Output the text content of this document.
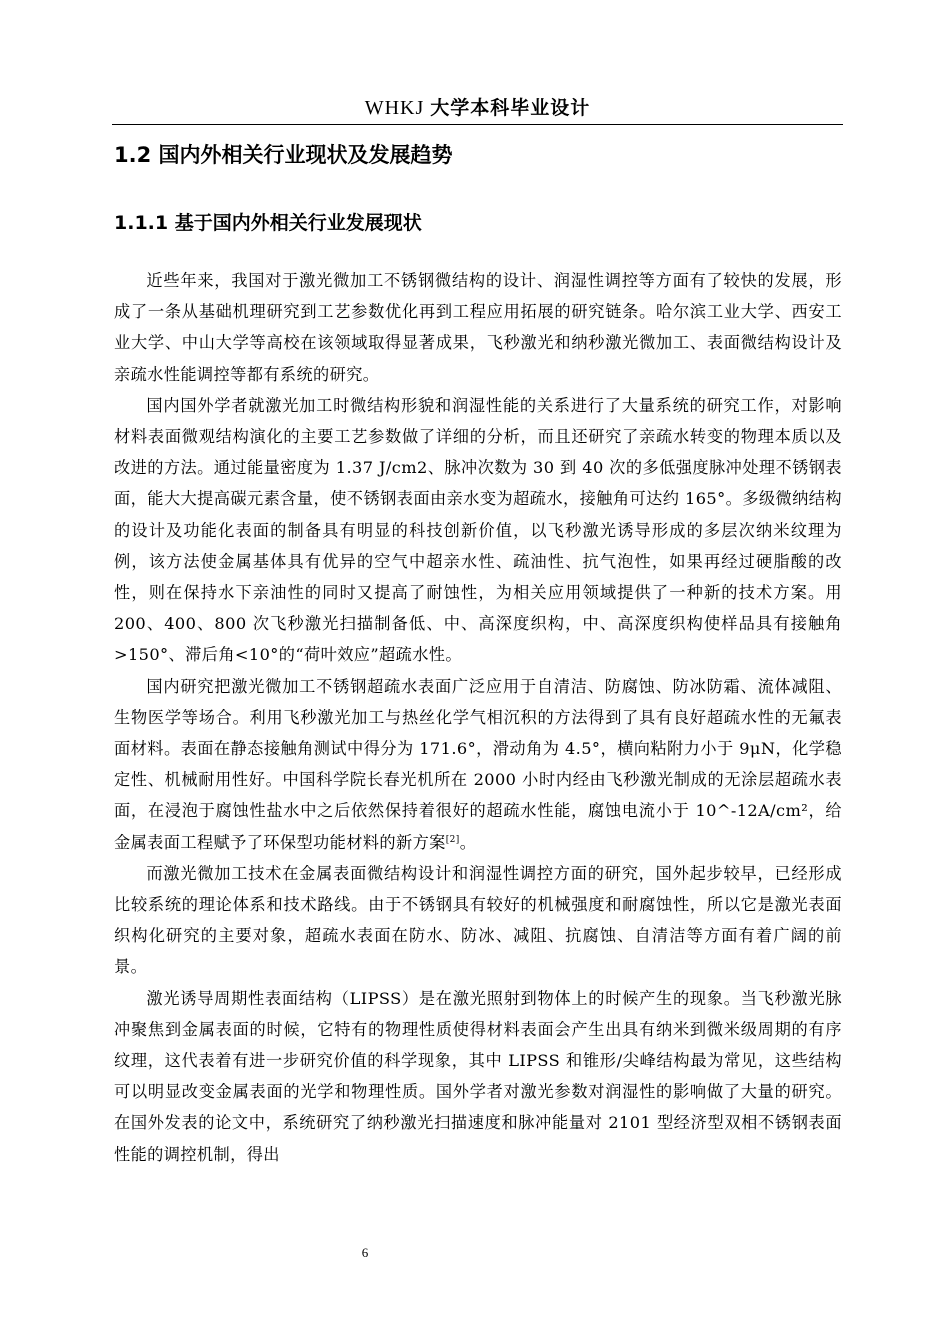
WHKJ 大学本科毕业设计
1.2 国内外相关行业现状及发展趋势
1.1.1 基于国内外相关行业发展现状

近些年来，我国对于激光微加工不锈钢微结构的设计、润湿性调控等方面有了较快的发展，形成了一条从基础机理研究到工艺参数优化再到工程应用拓展的研究链条。哈尔滨工业大学、西安工业大学、中山大学等高校在该领域取得显著成果，飞秒激光和纳秒激光微加工、表面微结构设计及亲疏水性能调控等都有系统的研究。

国内国外学者就激光加工时微结构形貌和润湿性能的关系进行了大量系统的研究工作，对影响材料表面微观结构演化的主要工艺参数做了详细的分析，而且还研究了亲疏水转变的物理本质以及改进的方法。通过能量密度为 1.37 J/cm2、脉冲次数为 30 到 40 次的多低强度脉冲处理不锈钢表面，能大大提高碳元素含量，使不锈钢表面由亲水变为超疏水，接触角可达约 165°。多级微纳结构的设计及功能化表面的制备具有明显的科技创新价值，以飞秒激光诱导形成的多层次纳米纹理为例，该方法使金属基体具有优异的空气中超亲水性、疏油性、抗气泡性，如果再经过硬脂酸的改性，则在保持水下亲油性的同时又提高了耐蚀性，为相关应用领域提供了一种新的技术方案。用 200、400、800 次飞秒激光扫描制备低、中、高深度织构，中、高深度织构使样品具有接触角>150°、滞后角<10°的“荷叶效应”超疏水性。

国内研究把激光微加工不锈钢超疏水表面广泛应用于自清洁、防腐蚀、防冰防霜、流体减阻、生物医学等场合。利用飞秒激光加工与热丝化学气相沉积的方法得到了具有良好超疏水性的无氟表面材料。表面在静态接触角测试中得分为 171.6°，滑动角为 4.5°，横向粘附力小于 9μN，化学稳定性、机械耐用性好。中国科学院长春光机所在 2000 小时内经由飞秒激光制成的无涂层超疏水表面，在浸泡于腐蚀性盐水中之后依然保持着很好的超疏水性能，腐蚀电流小于 10^-12A/cm²，给金属表面工程赋予了环保型功能材料的新方案[2]。

而激光微加工技术在金属表面微结构设计和润湿性调控方面的研究，国外起步较早，已经形成比较系统的理论体系和技术路线。由于不锈钢具有较好的机械强度和耐腐蚀性，所以它是激光表面织构化研究的主要对象，超疏水表面在防水、防冰、减阻、抗腐蚀、自清洁等方面有着广阔的前景。

激光诱导周期性表面结构（LIPSS）是在激光照射到物体上的时候产生的现象。当飞秒激光脉冲聚焦到金属表面的时候，它特有的物理性质使得材料表面会产生出具有纳米到微米级周期的有序纹理，这代表着有进一步研究价值的科学现象，其中 LIPSS 和锥形/尖峰结构最为常见，这些结构可以明显改变金属表面的光学和物理性质。国外学者对激光参数对润湿性的影响做了大量的研究。在国外发表的论文中，系统研究了纳秒激光扫描速度和脉冲能量对 2101 型经济型双相不锈钢表面性能的调控机制，得出

6
